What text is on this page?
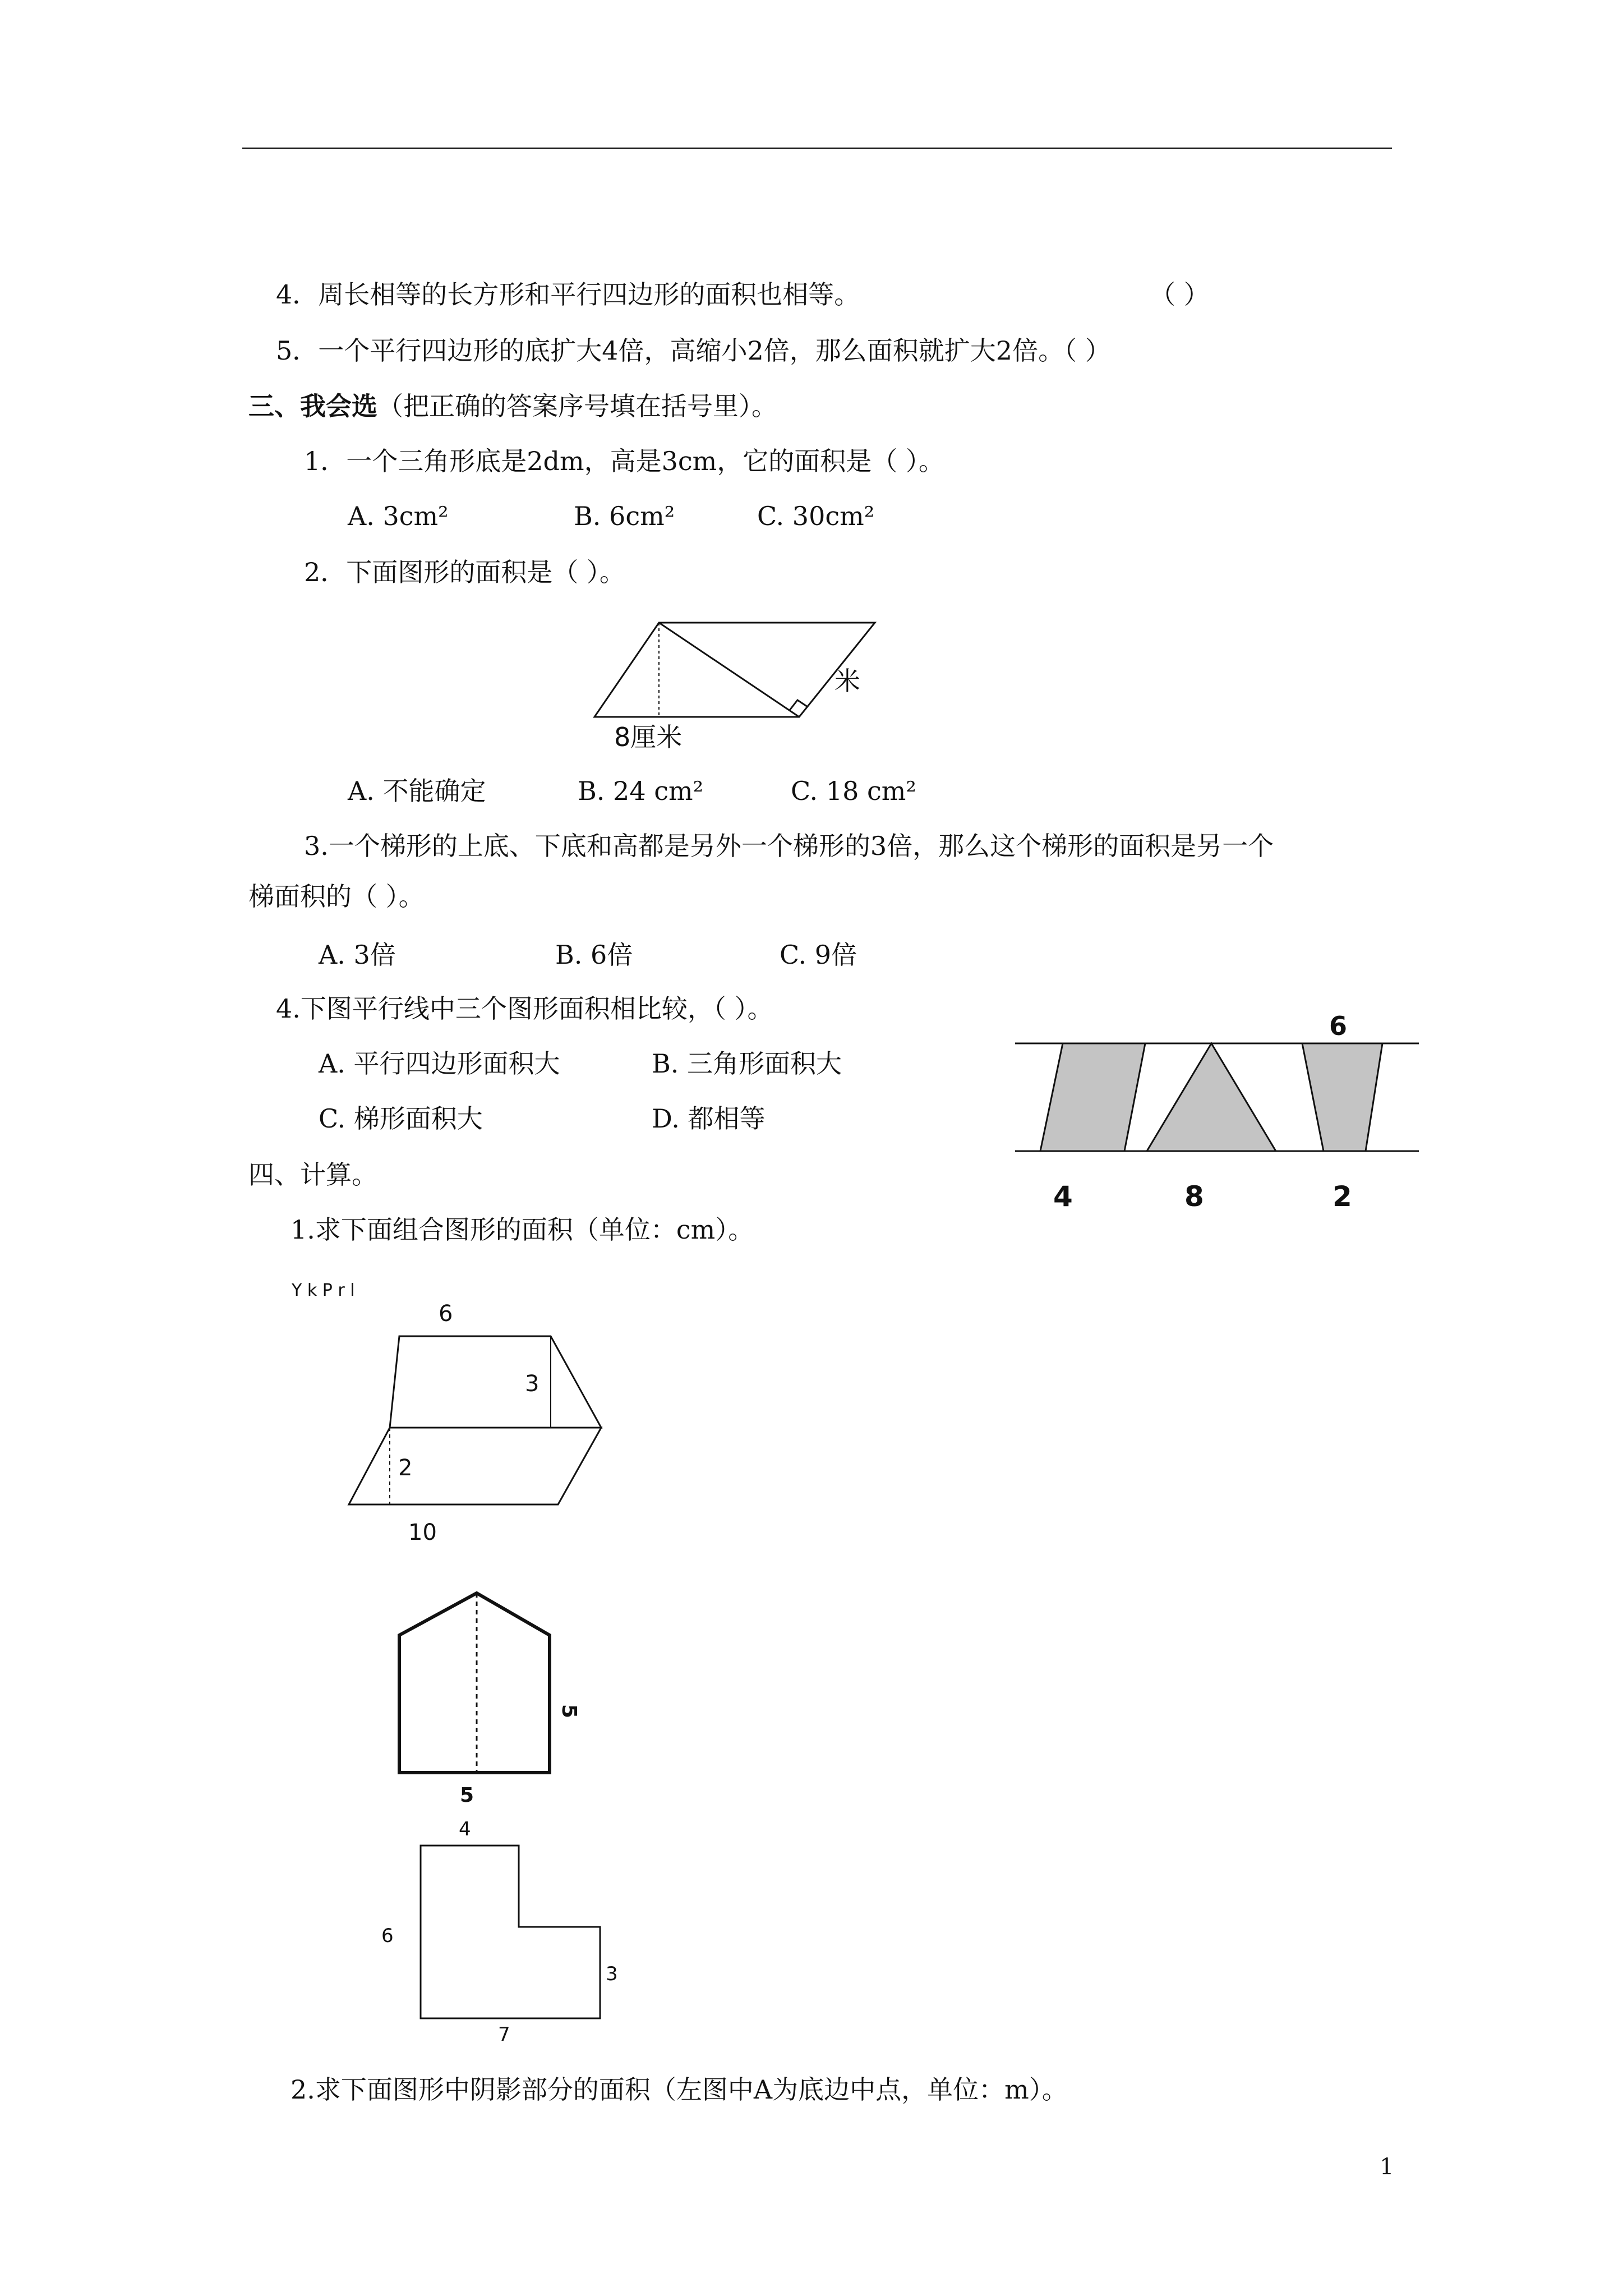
4．周长相等的长方形和平行四边形的面积也相等。	（ ）
5．一个平行四边形的底扩大4倍，高缩小2倍，那么面积就扩大2倍。（ ）
三、我会选（把正确的答案序号填在括号里）。
1．一个三角形底是2dm，高是3cm，它的面积是（ ）。
A. 3cm²	B. 6cm²	C. 30cm²
2．下面图形的面积是（ ）。
8厘米
米
A. 不能确定	B. 24 cm²	C. 18 cm²
3.一个梯形的上底、下底和高都是另外一个梯形的3倍，那么这个梯形的面积是另一个
梯面积的（ ）。
A. 3倍	B. 6倍	C. 9倍
4.下图平行线中三个图形面积相比较，（ ）。
A. 平行四边形面积大	B. 三角形面积大
C. 梯形面积大	D. 都相等
6
4	8	2
四、计算。
1.求下面组合图形的面积（单位：cm）。
Y k P r l
6
3
2
10
5
5
4
6
3
7
2.求下面图形中阴影部分的面积（左图中A为底边中点，单位：m）。
1
